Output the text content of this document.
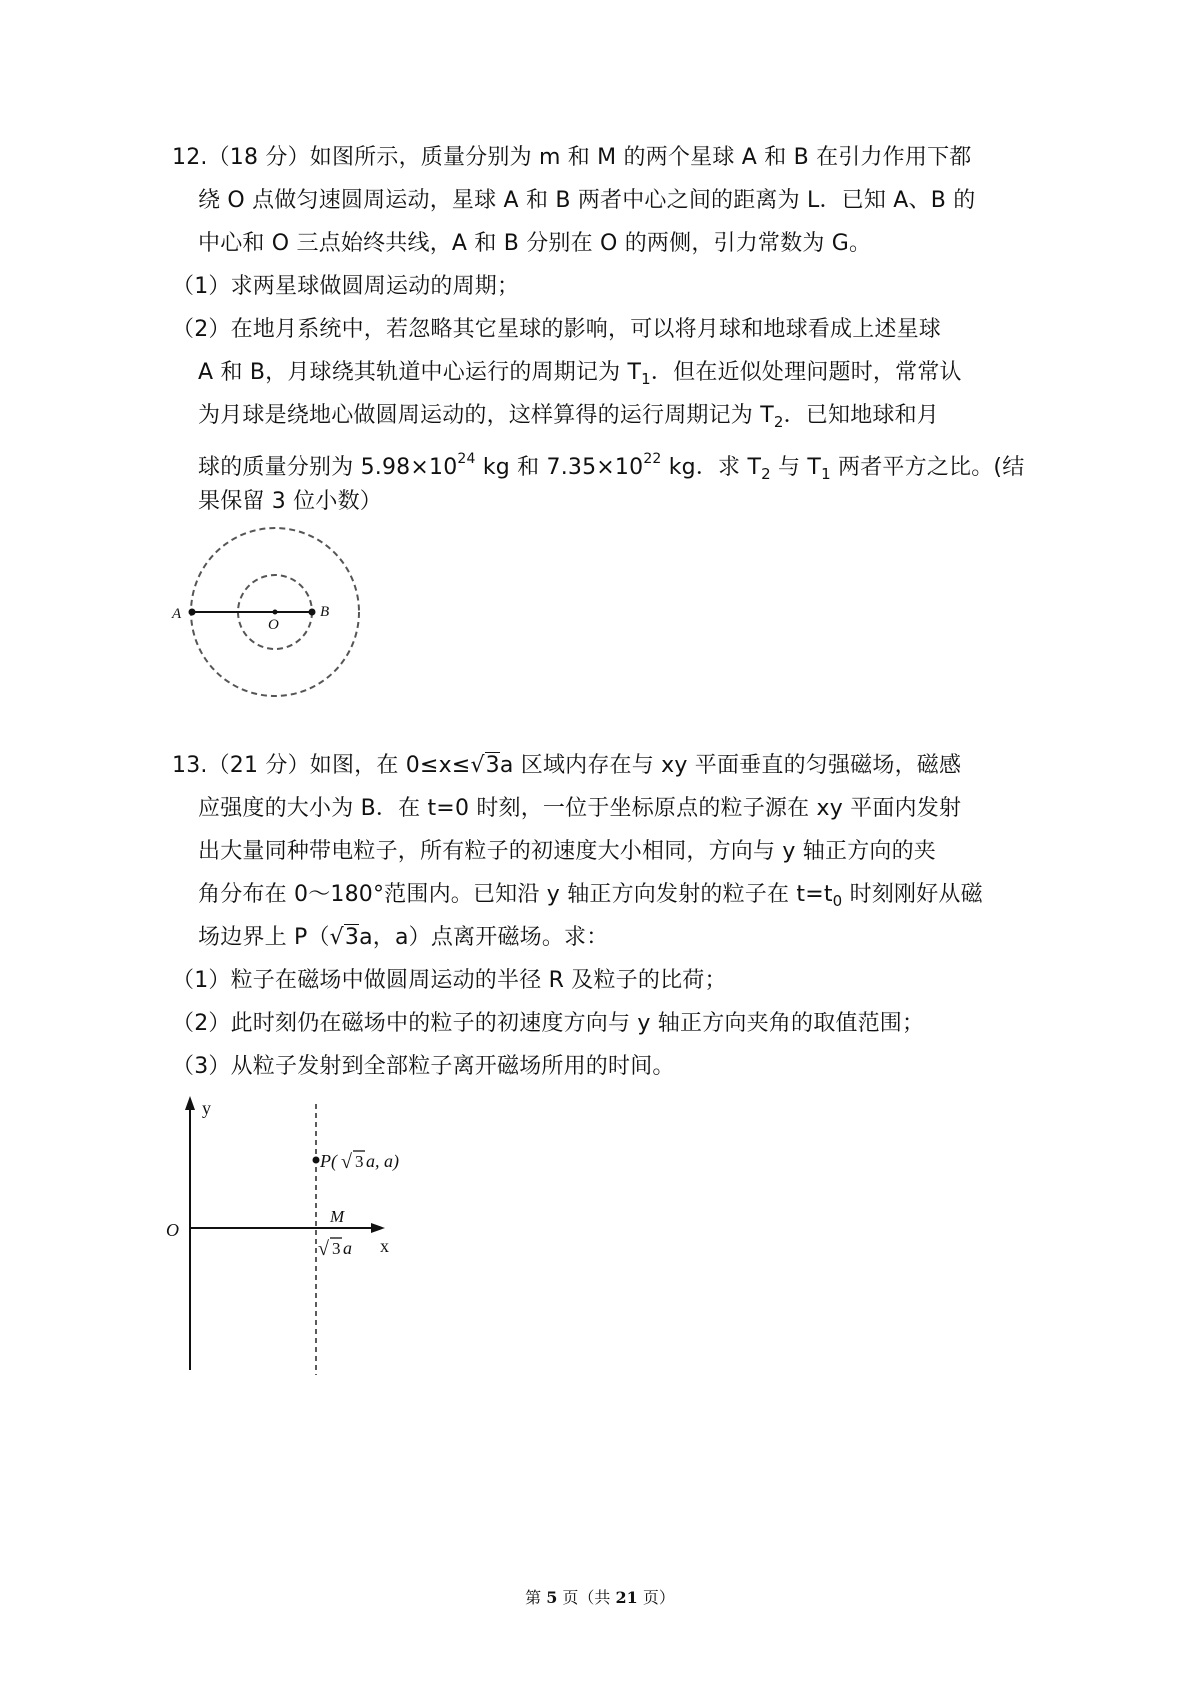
12.（18 分）如图所示，质量分别为 m 和 M 的两个星球 A 和 B 在引力作用下都
绕 O 点做匀速圆周运动，星球 A 和 B 两者中心之间的距离为 L．已知 A、B 的
中心和 O 三点始终共线，A 和 B 分别在 O 的两侧，引力常数为 G。
（1）求两星球做圆周运动的周期；
（2）在地月系统中，若忽略其它星球的影响，可以将月球和地球看成上述星球
A 和 B，月球绕其轨道中心运行的周期记为 $T_1$．但在近似处理问题时，常常认
为月球是绕地心做圆周运动的，这样算得的运行周期记为 $T_2$．已知地球和月
球的质量分别为 $5.98\times 10^{24}$ kg 和 $7.35\times 10^{22}$ kg．求 $T_2$ 与 $T_1$ 两者平方之比。(结
果保留 3 位小数）
A
O
B
13.（21 分）如图，在 0≤x≤√3a 区域内存在与 xy 平面垂直的匀强磁场，磁感
应强度的大小为 B．在 t=0 时刻，一位于坐标原点的粒子源在 xy 平面内发射
出大量同种带电粒子，所有粒子的初速度大小相同，方向与 y 轴正方向的夹
角分布在 0～180°范围内。已知沿 y 轴正方向发射的粒子在 $t=t_0$ 时刻刚好从磁
场边界上 P（√3a，a）点离开磁场。求：
（1）粒子在磁场中做圆周运动的半径 R 及粒子的比荷；
（2）此时刻仍在磁场中的粒子的初速度方向与 y 轴正方向夹角的取值范围；
（3）从粒子发射到全部粒子离开磁场所用的时间。
y
x
O
P( √ 3 a, a)
M
√ 3 a
第 5 页（共 21 页）
